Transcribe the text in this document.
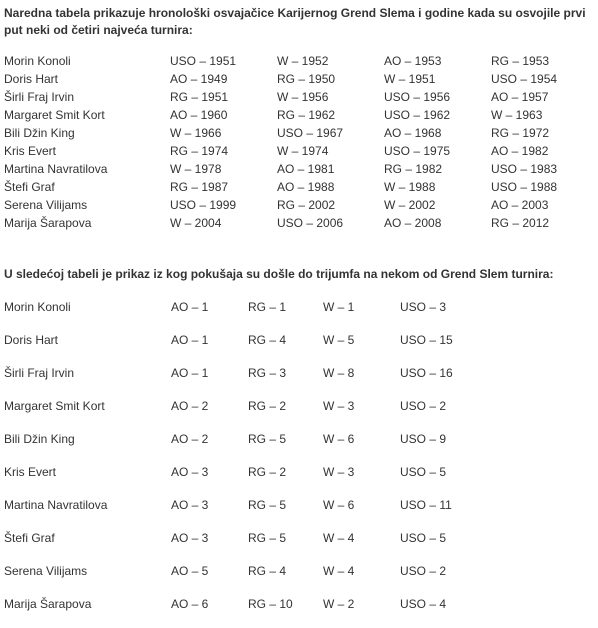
Naredna tabela prikazuje hronološki osvajačice Karijernog Grend Slema i godine kada su osvojile prvi put neki od četiri najveća turnira:

Morin Konoli	USO – 1951	W – 1952	AO – 1953	RG – 1953
Doris Hart	AO – 1949	RG – 1950	W – 1951	USO – 1954
Širli Fraj Irvin	RG – 1951	W – 1956	USO – 1956	AO – 1957
Margaret Smit Kort	AO – 1960	RG – 1962	USO – 1962	W – 1963
Bili Džin King	W – 1966	USO – 1967	AO – 1968	RG – 1972
Kris Evert	RG – 1974	W – 1974	USO – 1975	AO – 1982
Martina Navratilova	W – 1978	AO – 1981	RG – 1982	USO – 1983
Štefi Graf	RG – 1987	AO – 1988	W – 1988	USO – 1988
Serena Vilijams	USO – 1999	RG – 2002	W – 2002	AO – 2003
Marija Šarapova	W – 2004	USO – 2006	AO – 2008	RG – 2012

U sledećoj tabeli je prikaz iz kog pokušaja su došle do trijumfa na nekom od Grend Slem turnira:

Morin Konoli	AO – 1	RG – 1	W – 1	USO – 3
Doris Hart	AO – 1	RG – 4	W – 5	USO – 15
Širli Fraj Irvin	AO – 1	RG – 3	W – 8	USO – 16
Margaret Smit Kort	AO – 2	RG – 2	W – 3	USO – 2
Bili Džin King	AO – 2	RG – 5	W – 6	USO – 9
Kris Evert	AO – 3	RG – 2	W – 3	USO – 5
Martina Navratilova	AO – 3	RG – 5	W – 6	USO – 11
Štefi Graf	AO – 3	RG – 5	W – 4	USO – 5
Serena Vilijams	AO – 5	RG – 4	W – 4	USO – 2
Marija Šarapova	AO – 6	RG – 10	W – 2	USO – 4
